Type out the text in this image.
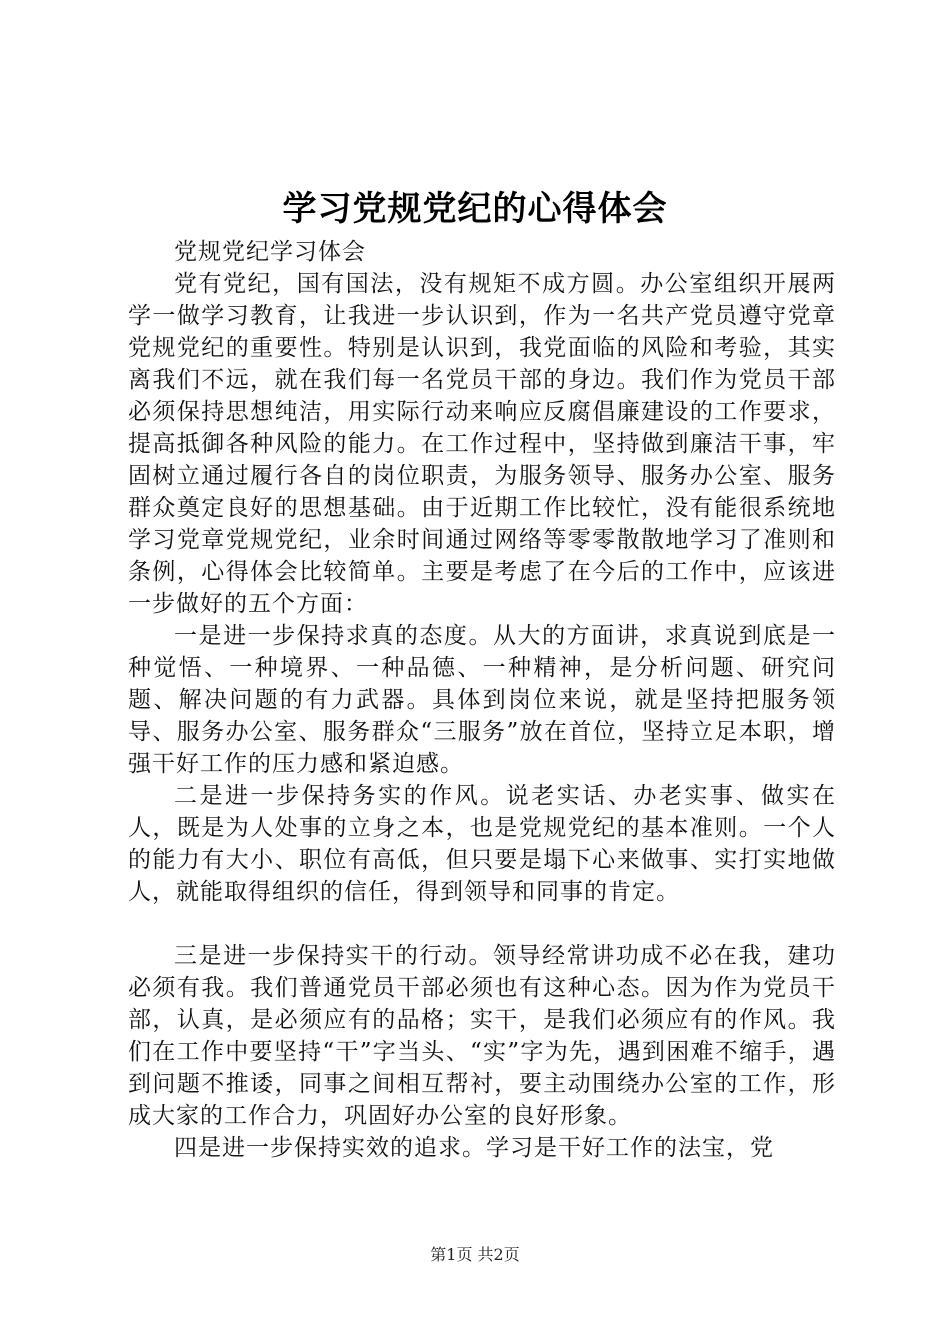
学习党规党纪的心得体会

党规党纪学习体会

党有党纪，国有国法，没有规矩不成方圆。办公室组织开展两学一做学习教育，让我进一步认识到，作为一名共产党员遵守党章党规党纪的重要性。特别是认识到，我党面临的风险和考验，其实离我们不远，就在我们每一名党员干部的身边。我们作为党员干部必须保持思想纯洁，用实际行动来响应反腐倡廉建设的工作要求，提高抵御各种风险的能力。在工作过程中，坚持做到廉洁干事，牢固树立通过履行各自的岗位职责，为服务领导、服务办公室、服务群众奠定良好的思想基础。由于近期工作比较忙，没有能很系统地学习党章党规党纪，业余时间通过网络等零零散散地学习了准则和条例，心得体会比较简单。主要是考虑了在今后的工作中，应该进一步做好的五个方面：

一是进一步保持求真的态度。从大的方面讲，求真说到底是一种觉悟、一种境界、一种品德、一种精神，是分析问题、研究问题、解决问题的有力武器。具体到岗位来说，就是坚持把服务领导、服务办公室、服务群众“三服务”放在首位，坚持立足本职，增强干好工作的压力感和紧迫感。

二是进一步保持务实的作风。说老实话、办老实事、做实在人，既是为人处事的立身之本，也是党规党纪的基本准则。一个人的能力有大小、职位有高低，但只要是塌下心来做事、实打实地做人，就能取得组织的信任，得到领导和同事的肯定。

三是进一步保持实干的行动。领导经常讲功成不必在我，建功必须有我。我们普通党员干部必须也有这种心态。因为作为党员干部，认真，是必须应有的品格；实干，是我们必须应有的作风。我们在工作中要坚持“干”字当头、“实”字为先，遇到困难不缩手，遇到问题不推诿，同事之间相互帮衬，要主动围绕办公室的工作，形成大家的工作合力，巩固好办公室的良好形象。

四是进一步保持实效的追求。学习是干好工作的法宝，党

第1页 共2页
